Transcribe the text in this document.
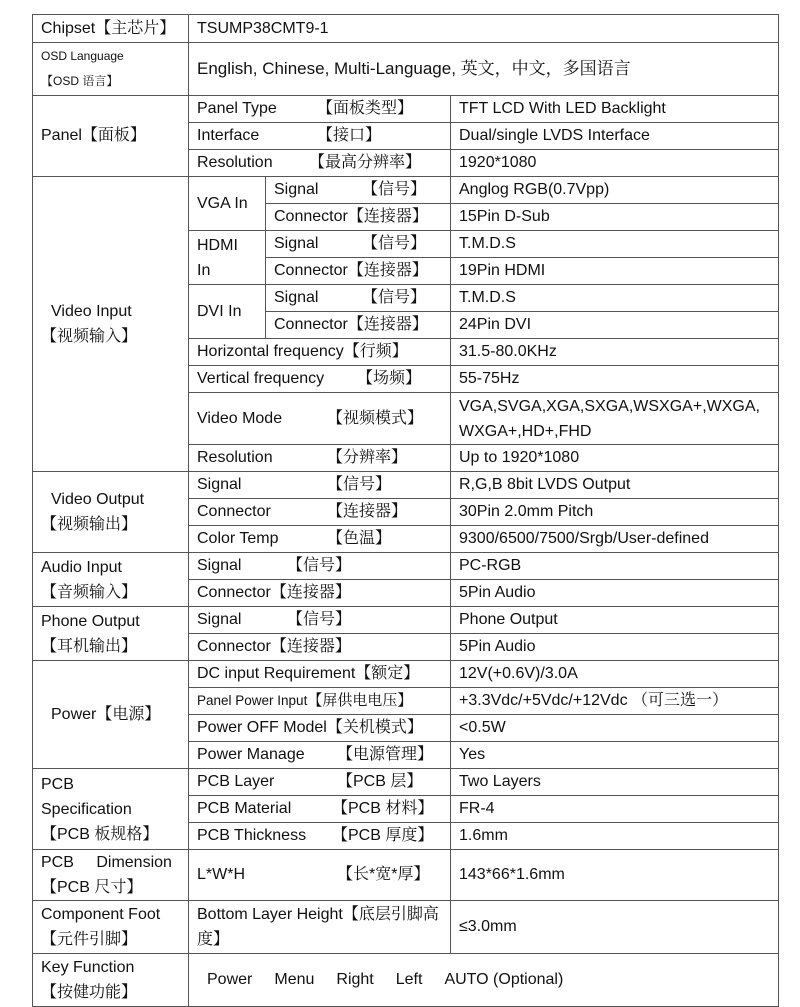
Chipset【主芯片】	TSUMP38CMT9-1		

OSD Language
【OSD 语言】	English, Chinese, Multi-Language, 英文，中文，多国语言		
Panel【面板】	Panel Type 【面板类型】		TFT LCD With LED Backlight
	Interface 【接口】		Dual/single LVDS Interface
	Resolution 【最高分辨率】		1920*1080

Video Input
【视频输入】	VGA In	Signal 【信号】	Anglog RGB(0.7Vpp)
		Connector【连接器】	15Pin D-Sub
	HDMI In	Signal 【信号】	T.M.D.S
		Connector【连接器】	19Pin HDMI
	DVI In	Signal 【信号】	T.M.D.S
		Connector【连接器】	24Pin DVI
	Horizontal frequency【行频】		31.5-80.0KHz
	Vertical frequency 【场频】		55-75Hz
	Video Mode 【视频模式】		VGA,SVGA,XGA,SXGA,WSXGA+,WXGA, WXGA+,HD+,FHD
	Resolution 【分辨率】		Up to 1920*1080

Video Output
【视频输出】	Signal 【信号】		R,G,B 8bit LVDS Output
	Connector 【连接器】		30Pin 2.0mm Pitch
	Color Temp 【色温】		9300/6500/7500/Srgb/User-defined

Audio Input
【音频输入】	Signal 【信号】		PC-RGB
	Connector【连接器】		5Pin Audio

Phone Output
【耳机输出】	Signal 【信号】		Phone Output
	Connector【连接器】		5Pin Audio
Power【电源】	DC input Requirement【额定】		12V(+0.6V)/3.0A
	Panel Power Input【屏供电电压】		+3.3Vdc/+5Vdc/+12Vdc （可三选一）
	Power OFF Model【关机模式】		<0.5W
	Power Manage 【电源管理】		Yes

PCB
Specification
【PCB 板规格】	PCB Layer 【PCB 层】		Two Layers
	PCB Material 【PCB 材料】		FR-4
	PCB Thickness 【PCB 厚度】		1.6mm

PCB Dimension
【PCB 尺寸】	L*W*H 【长*宽*厚】		143*66*1.6mm

Component Foot
【元件引脚】	Bottom Layer Height【底层引脚高度】		≤3.0mm

Key Function
【按健功能】	Power Menu Right Left AUTO (Optional)		
